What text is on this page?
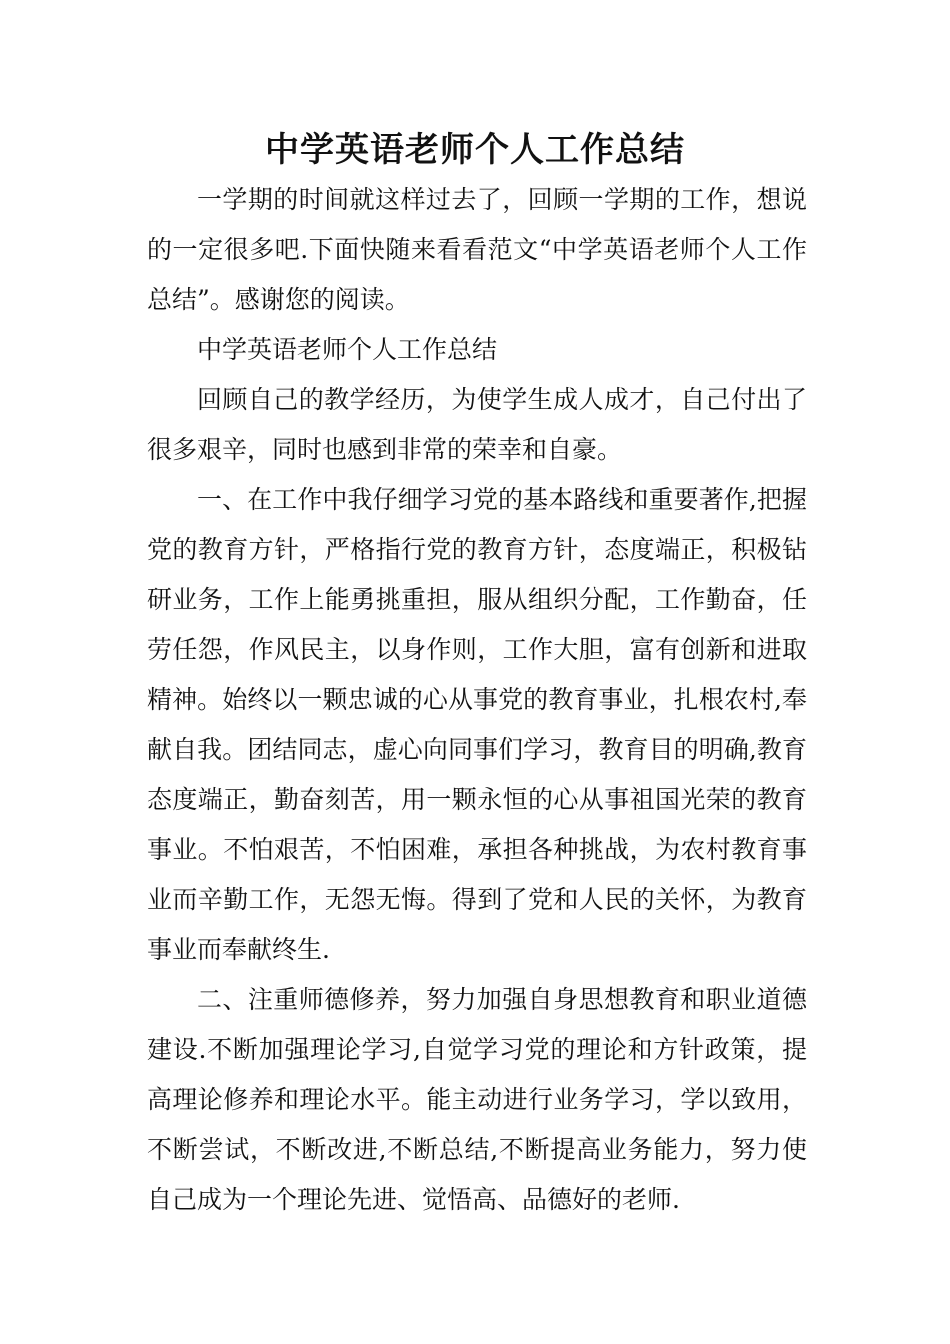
中学英语老师个人工作总结

一学期的时间就这样过去了，回顾一学期的工作，想说的一定很多吧.下面快随来看看范文“中学英语老师个人工作总结”。感谢您的阅读。

中学英语老师个人工作总结

回顾自己的教学经历，为使学生成人成才，自己付出了很多艰辛，同时也感到非常的荣幸和自豪。

一、在工作中我仔细学习党的基本路线和重要著作,把握党的教育方针，严格指行党的教育方针，态度端正，积极钻研业务，工作上能勇挑重担，服从组织分配，工作勤奋，任劳任怨，作风民主，以身作则，工作大胆，富有创新和进取精神。始终以一颗忠诚的心从事党的教育事业，扎根农村,奉献自我。团结同志，虚心向同事们学习，教育目的明确,教育态度端正，勤奋刻苦，用一颗永恒的心从事祖国光荣的教育事业。不怕艰苦，不怕困难，承担各种挑战，为农村教育事业而辛勤工作，无怨无悔。得到了党和人民的关怀，为教育事业而奉献终生.

二、注重师德修养，努力加强自身思想教育和职业道德建设.不断加强理论学习,自觉学习党的理论和方针政策，提高理论修养和理论水平。能主动进行业务学习，学以致用，不断尝试，不断改进,不断总结,不断提高业务能力，努力使自己成为一个理论先进、觉悟高、品德好的老师.
